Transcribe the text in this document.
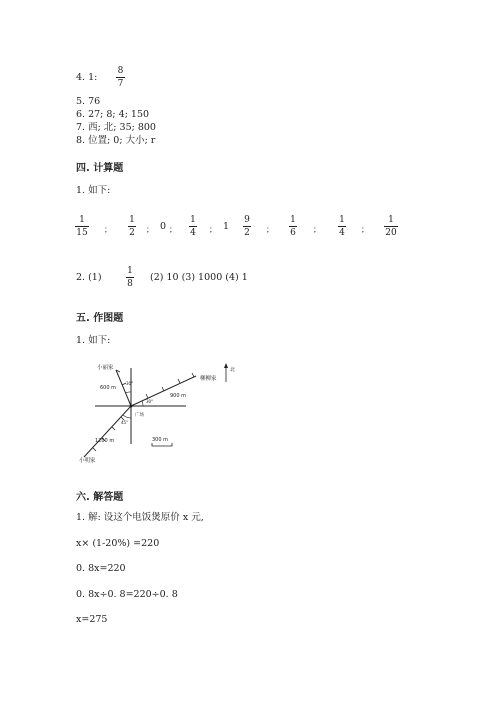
4. 1:
8
7
5. 76
6. 27; 8; 4; 150
7. 西; 北; 35; 800
8. 位置; 0; 大小; r
四. 计算题
1. 如下:
1
15 ；
1
2 ； 0 ；
1
4 ； 1
9
2 ；
1
6 ；
1
4 ；
1
20
2. (1)
1
8
(2) 10 (3) 1000 (4) 1
五. 作图题
1. 如下:
北
小丽家
柳柳家
小明家
广场
600 m
900 m
1200 m
30°
30°
45°
300 m
六. 解答题
1. 解: 设这个电饭煲原价 x 元,
x× (1-20%) =220
0. 8x=220
0. 8x÷0. 8=220÷0. 8
x=275
